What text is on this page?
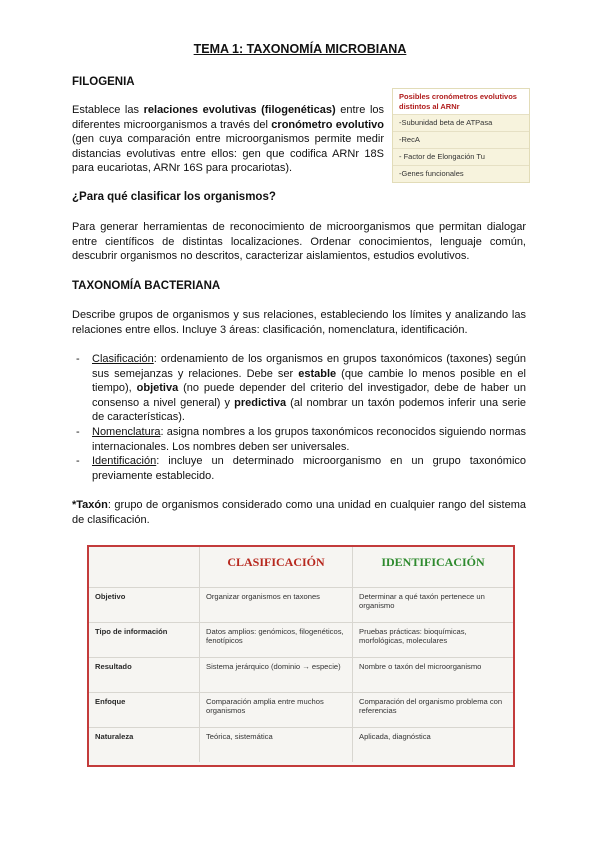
TEMA 1: TAXONOMÍA MICROBIANA
FILOGENIA
Establece las relaciones evolutivas (filogenéticas) entre los diferentes microorganismos a través del cronómetro evolutivo (gen cuya comparación entre microorganismos permite medir distancias evolutivas entre ellos: gen que codifica ARNr 18S para eucariotas, ARNr 16S para procariotas).
Posibles cronómetros evolutivos distintos al ARNr
-Subunidad beta de ATPasa
-RecA
- Factor de Elongación Tu
-Genes funcionales
¿Para qué clasificar los organismos?
Para generar herramientas de reconocimiento de microorganismos que permitan dialogar entre científicos de distintas localizaciones. Ordenar conocimientos, lenguaje común, descubrir organismos no descritos, caracterizar aislamientos, estudios evolutivos.
TAXONOMÍA BACTERIANA
Describe grupos de organismos y sus relaciones, estableciendo los límites y analizando las relaciones entre ellos. Incluye 3 áreas: clasificación, nomenclatura, identificación.
- Clasificación: ordenamiento de los organismos en grupos taxonómicos (taxones) según sus semejanzas y relaciones. Debe ser estable (que cambie lo menos posible en el tiempo), objetiva (no puede depender del criterio del investigador, debe de haber un consenso a nivel general) y predictiva (al nombrar un taxón podemos inferir una serie de características).
- Nomenclatura: asigna nombres a los grupos taxonómicos reconocidos siguiendo normas internacionales. Los nombres deben ser universales.
- Identificación: incluye un determinado microorganismo en un grupo taxonómico previamente establecido.
*Taxón: grupo de organismos considerado como una unidad en cualquier rango del sistema de clasificación.
	CLASIFICACIÓN	IDENTIFICACIÓN
Objetivo	Organizar organismos en taxones	Determinar a qué taxón pertenece un organismo
Tipo de información	Datos amplios: genómicos, filogenéticos, fenotípicos	Pruebas prácticas: bioquímicas, morfológicas, moleculares
Resultado	Sistema jerárquico (dominio → especie)	Nombre o taxón del microorganismo
Enfoque	Comparación amplia entre muchos organismos	Comparación del organismo problema con referencias
Naturaleza	Teórica, sistemática	Aplicada, diagnóstica
